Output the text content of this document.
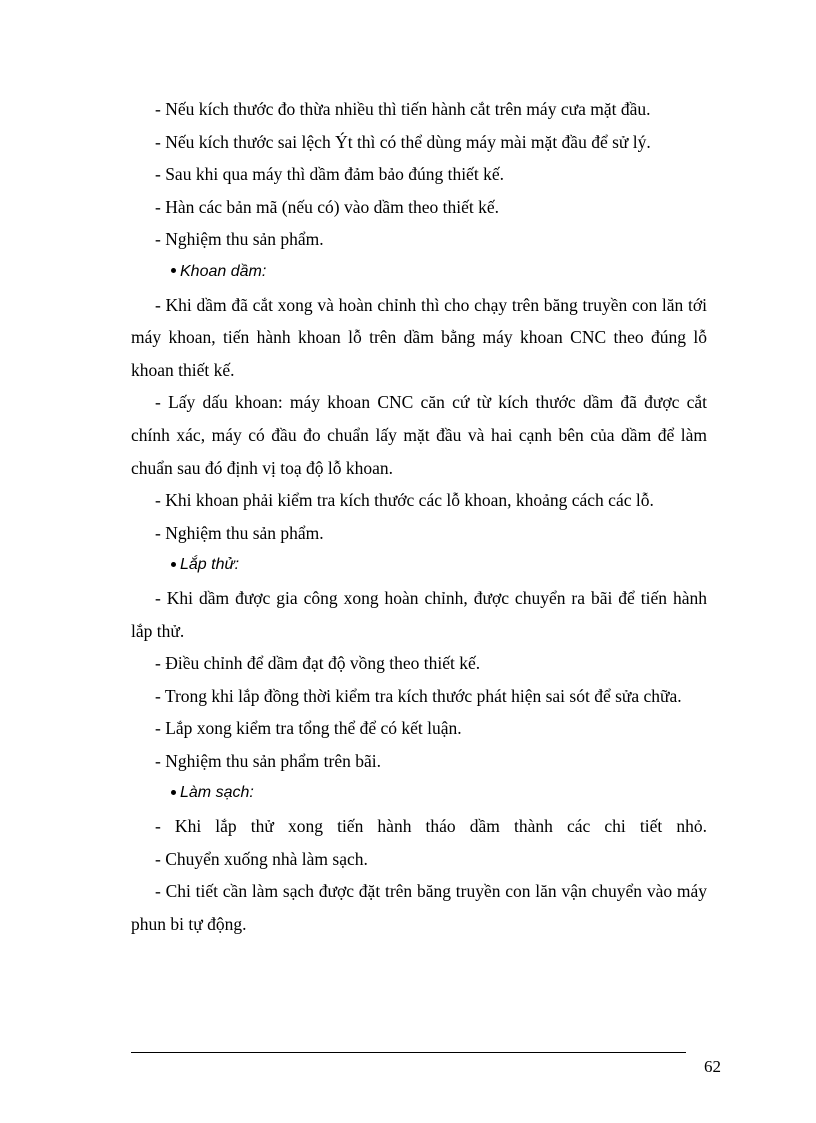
- Nếu kích thước đo thừa nhiều thì tiến hành cắt trên máy cưa mặt đầu.

- Nếu kích thước sai lệch Ýt thì có thể dùng máy mài mặt đầu để sử lý.

- Sau khi qua máy thì dầm đảm bảo đúng thiết kế.

- Hàn các bản mã (nếu có) vào dầm theo thiết kế.

- Nghiệm thu sản phẩm.

Khoan dầm:

- Khi dầm đã cắt xong và hoàn chỉnh thì cho chạy trên băng truyền con lăn tới máy khoan, tiến hành khoan lỗ trên dầm bằng máy khoan CNC theo đúng lỗ khoan thiết kế.

- Lấy dấu khoan: máy khoan CNC căn cứ từ kích thước dầm đã được cắt chính xác, máy có đầu đo chuẩn lấy mặt đầu và hai cạnh bên của dầm để làm chuẩn sau đó định vị toạ độ lỗ khoan.

- Khi khoan phải kiểm tra kích thước các lỗ khoan, khoảng cách các lỗ.

- Nghiệm thu sản phẩm.

Lắp thử:

- Khi dầm được gia công xong hoàn chỉnh, được chuyển ra bãi để tiến hành lắp thử.

- Điều chỉnh để dầm đạt độ vồng theo thiết kế.

- Trong khi lắp đồng thời kiểm tra kích thước phát hiện sai sót để sửa chữa.

- Lắp xong kiểm tra tổng thể để có kết luận.

- Nghiệm thu sản phẩm trên bãi.

Làm sạch:

- Khi lắp thử xong tiến hành tháo dầm thành các chi tiết nhỏ.

- Chuyển xuống nhà làm sạch.

- Chi tiết cần làm sạch được đặt trên băng truyền con lăn vận chuyển vào máy phun bi tự động.

62
